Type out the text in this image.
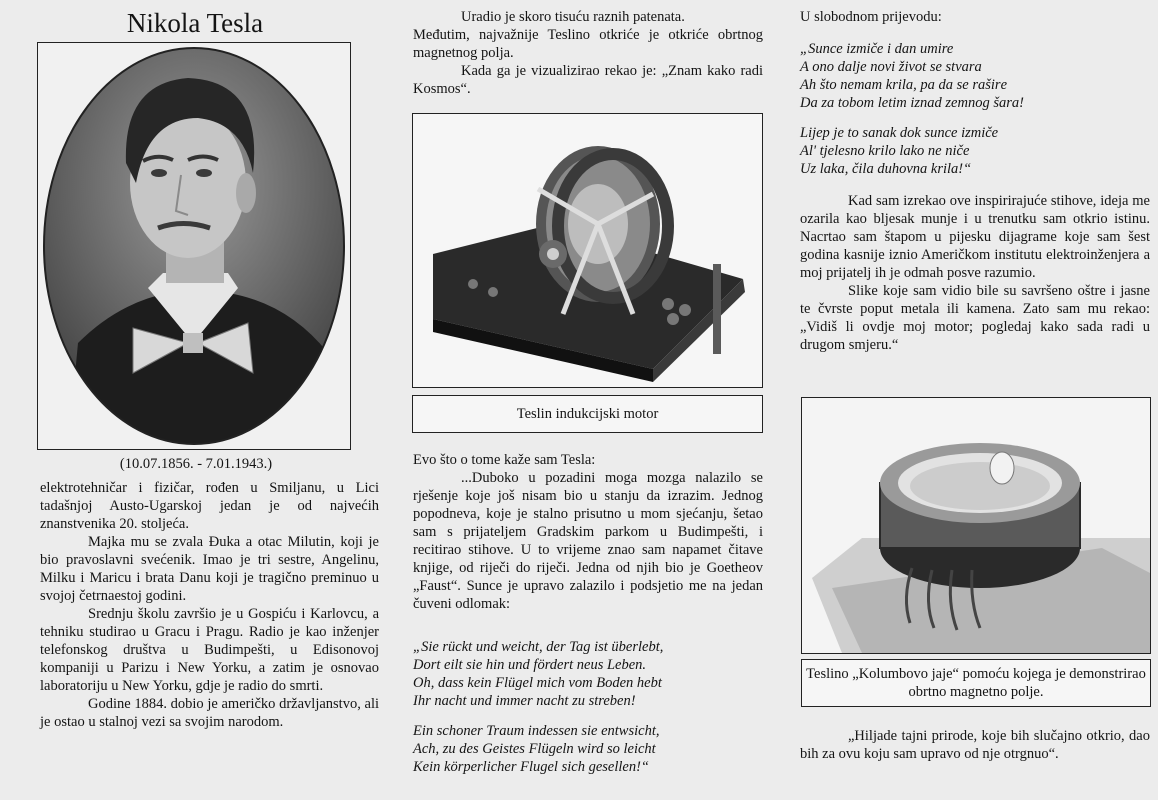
Nikola Tesla
(10.07.1856. - 7.01.1943.)

elektrotehničar i fizičar, rođen u Smiljanu, u Lici tadašnjoj Austo-Ugarskoj jedan je od najvećih znanstvenika 20. stoljeća.

Majka mu se zvala Đuka a otac Milutin, koji je bio pravoslavni svećenik. Imao je tri sestre, Angelinu, Milku i Maricu i brata Danu koji je tragično preminuo u svojoj četrnaestoj godini.

Srednju školu završio je u Gospiću i Karlovcu, a tehniku studirao u Gracu i Pragu. Radio je kao inženjer telefonskog društva u Budimpešti, u Edisonovoj kompaniji u Parizu i New Yorku, a zatim je osnovao laboratoriju u New Yorku, gdje je radio do smrti.

Godine 1884. dobio je američko državljanstvo, ali je ostao u stalnoj vezi sa svojim narodom.

Uradio je skoro tisuću raznih patenata.

Međutim, najvažnije Teslino otkriće je otkriće obrtnog magnetnog polja.

Kada ga je vizualizirao rekao je: „Znam kako radi Kosmos“.

Teslin indukcijski motor

Evo što o tome kaže sam Tesla:

...Duboko u pozadini moga mozga nalazilo se rješenje koje još nisam bio u stanju da izrazim. Jednog popodneva, koje je stalno prisutno u mom sjećanju, šetao sam s prijateljem Gradskim parkom u Budimpešti, i recitirao stihove. U to vrijeme znao sam napamet čitave knjige, od riječi do riječi. Jedna od njih bio je Goetheov „Faust“. Sunce je upravo zalazilo i podsjetio me na jedan čuveni odlomak:

„Sie rückt und weicht, der Tag ist überlebt,

Dort eilt sie hin und fördert neus Leben.

Oh, dass kein Flügel mich vom Boden hebt

Ihr nacht und immer nacht zu streben!

Ein schoner Traum indessen sie entwsicht,

Ach, zu des Geistes Flügeln wird so leicht

Kein körperlicher Flugel sich gesellen!“

U slobodnom prijevodu:

„Sunce izmiče i dan umire

A ono dalje novi život se stvara

Ah što nemam krila, pa da se raširе

Da za tobom letim iznad zemnog šara!

Lijep je to sanak dok sunce izmiče

Al' tjelesno krilo lako ne niče

Uz laka, čila duhovna krila!“

Kad sam izrekao ove inspirirajuće stihove, ideja me ozarila kao bljesak munje i u trenutku sam otkrio istinu. Nacrtao sam štapom u pijesku dijagrame koje sam šest godina kasnije iznio Američkom institutu elektroinženjera a moj prijatelj ih je odmah posve razumio.

Slike koje sam vidio bile su savršeno oštre i jasne te čvrste poput metala ili kamena. Zato sam mu rekao: „Vidiš li ovdje moj motor; pogledaj kako sada radi u drugom smjeru.“

Teslino „Kolumbovo jaje“ pomoću kojega je demonstrirao obrtno magnetno polje.

„Hiljade tajni prirode, koje bih slučajno otkrio, dao bih za ovu koju sam upravo od nje otrgnuo“.
